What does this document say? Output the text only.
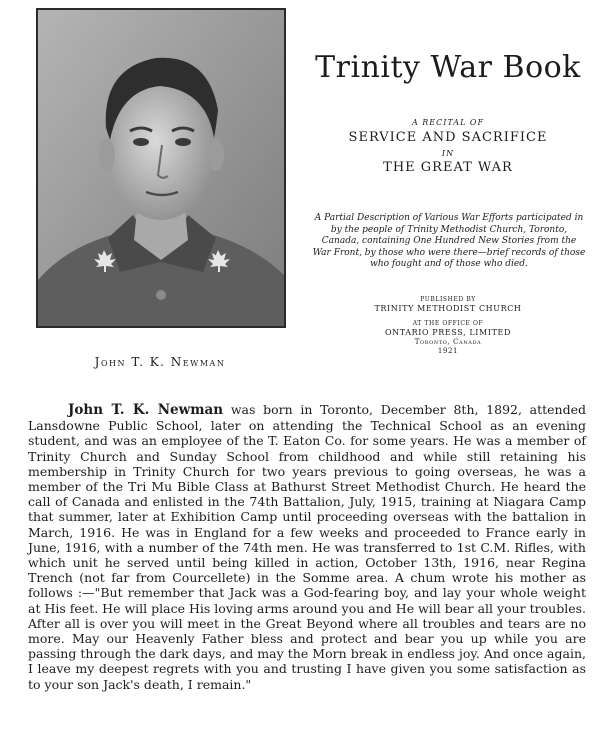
John T. K. Newman
Trinity War Book
A RECITAL OF
SERVICE AND SACRIFICE
IN
THE GREAT WAR
A Partial Description of Various War Efforts participated in by the people of Trinity Methodist Church, Toronto, Canada, containing One Hundred New Stories from the War Front, by those who were there—brief records of those who fought and of those who died.
PUBLISHED BY
TRINITY METHODIST CHURCH
AT THE OFFICE OF
ONTARIO PRESS, LIMITED
Toronto, Canada
1921

John T. K. Newman was born in Toronto, December 8th, 1892, attended Lansdowne Public School, later on attending the Technical School as an evening student, and was an employee of the T. Eaton Co. for some years. He was a member of Trinity Church and Sunday School from childhood and while still retaining his membership in Trinity Church for two years previous to going overseas, he was a member of the Tri Mu Bible Class at Bathurst Street Methodist Church. He heard the call of Canada and enlisted in the 74th Battalion, July, 1915, training at Niagara Camp that summer, later at Exhibition Camp until proceeding overseas with the battalion in March, 1916. He was in England for a few weeks and proceeded to France early in June, 1916, with a number of the 74th men. He was transferred to 1st C.M. Rifles, with which unit he served until being killed in action, October 13th, 1916, near Regina Trench (not far from Courcellete) in the Somme area. A chum wrote his mother as follows :—"But remember that Jack was a God-fearing boy, and lay your whole weight at His feet. He will place His loving arms around you and He will bear all your troubles. After all is over you will meet in the Great Beyond where all troubles and tears are no more. May our Heavenly Father bless and protect and bear you up while you are passing through the dark days, and may the Morn break in endless joy. And once again, I leave my deepest regrets with you and trusting I have given you some satisfaction as to your son Jack's death, I remain."
